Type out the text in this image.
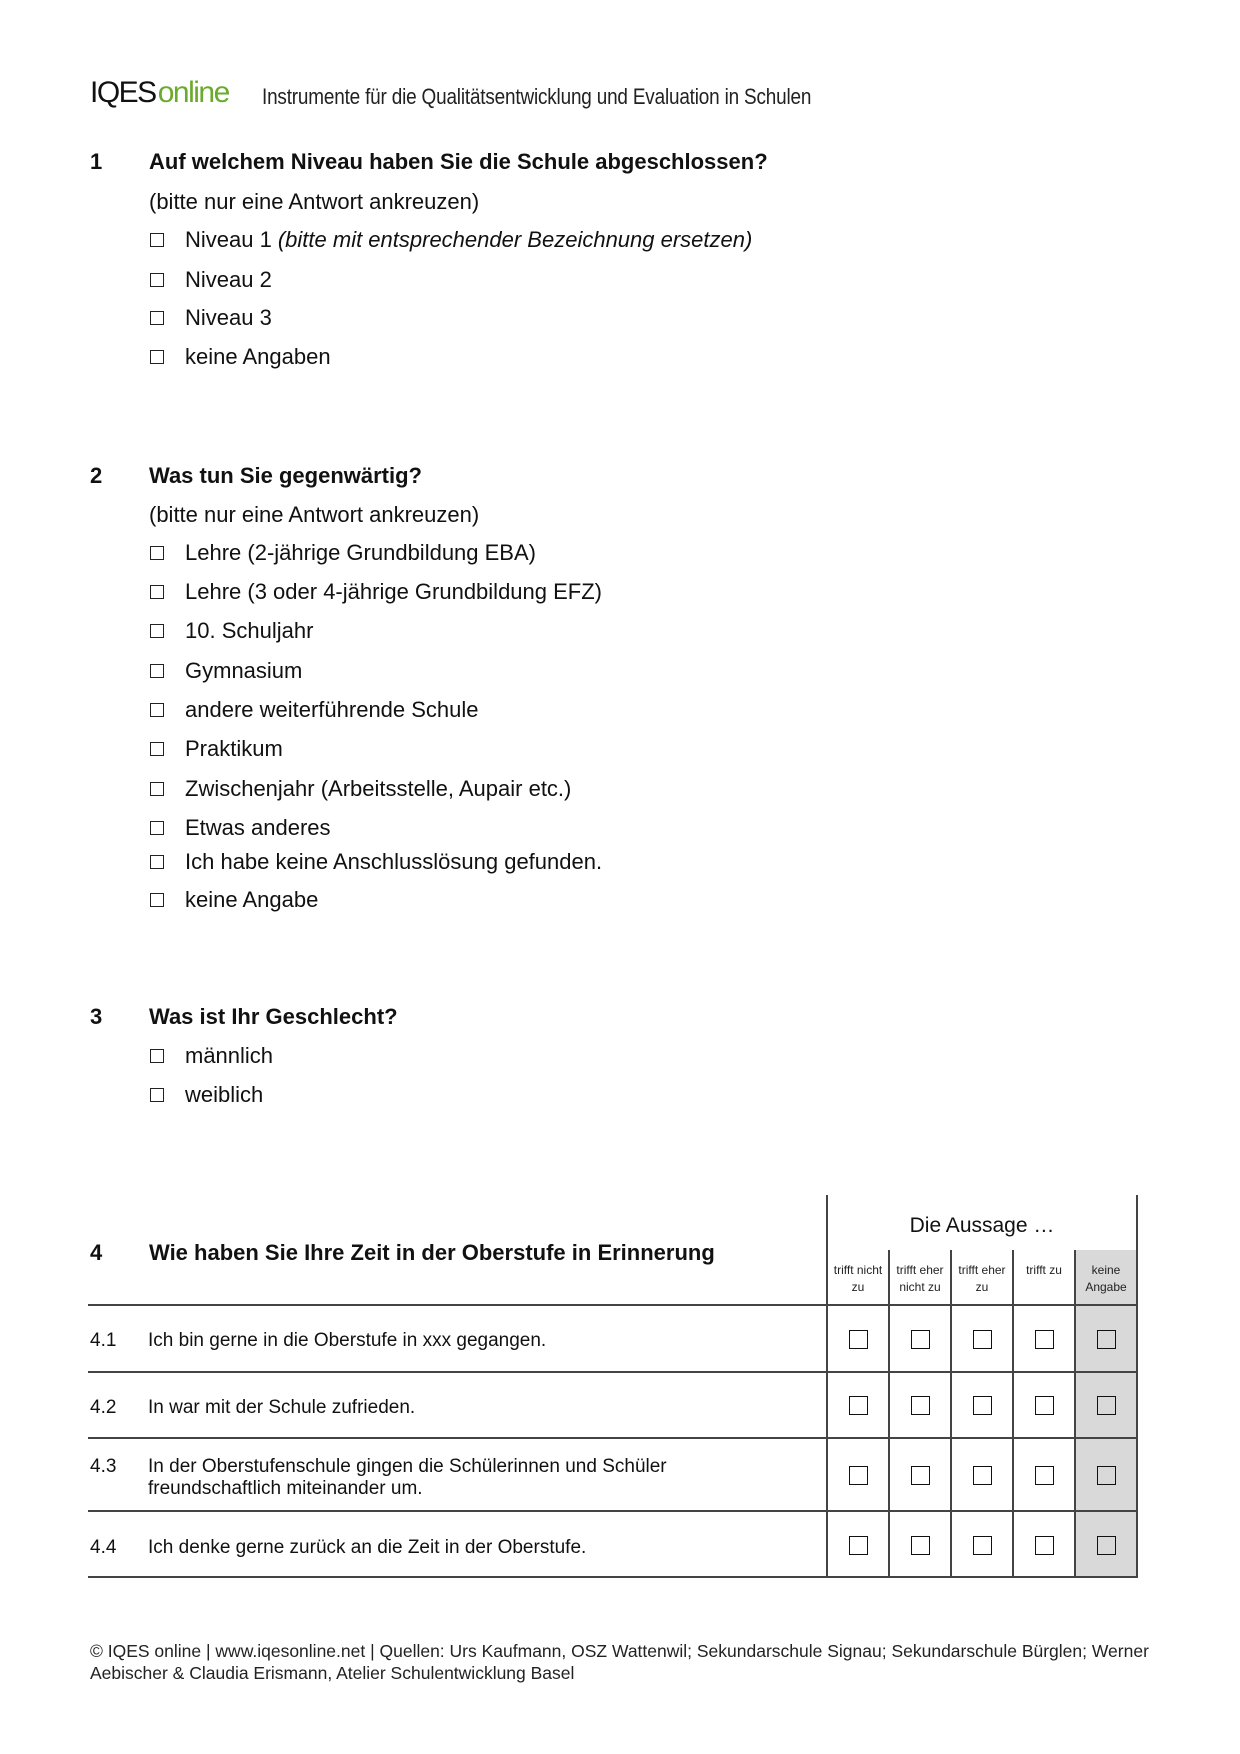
IQESonline Instrumente für die Qualitätsentwicklung und Evaluation in Schulen
1 Auf welchem Niveau haben Sie die Schule abgeschlossen?
(bitte nur eine Antwort ankreuzen)
Niveau 1 (bitte mit entsprechender Bezeichnung ersetzen)
Niveau 2
Niveau 3
keine Angaben
2 Was tun Sie gegenwärtig?
(bitte nur eine Antwort ankreuzen)
Lehre (2-jährige Grundbildung EBA)
Lehre (3 oder 4-jährige Grundbildung EFZ)
10. Schuljahr
Gymnasium
andere weiterführende Schule
Praktikum
Zwischenjahr (Arbeitsstelle, Aupair etc.)
Etwas anderes
Ich habe keine Anschlusslösung gefunden.
keine Angabe
3 Was ist Ihr Geschlecht?
männlich
weiblich
4 Wie haben Sie Ihre Zeit in der Oberstufe in Erinnerung
Die Aussage …
trifft nicht
zu
trifft eher
nicht zu
trifft eher
zu
trifft zu	keine
Angabe
4.1 Ich bin gerne in die Oberstufe in xxx gegangen.
4.2 In war mit der Schule zufrieden.
4.3 In der Oberstufenschule gingen die Schülerinnen und Schüler freundschaftlich miteinander um.
4.4 Ich denke gerne zurück an die Zeit in der Oberstufe.
© IQES online | www.iqesonline.net | Quellen: Urs Kaufmann, OSZ Wattenwil; Sekundarschule Signau; Sekundarschule Bürglen; Werner Aebischer & Claudia Erismann, Atelier Schulentwicklung Basel
